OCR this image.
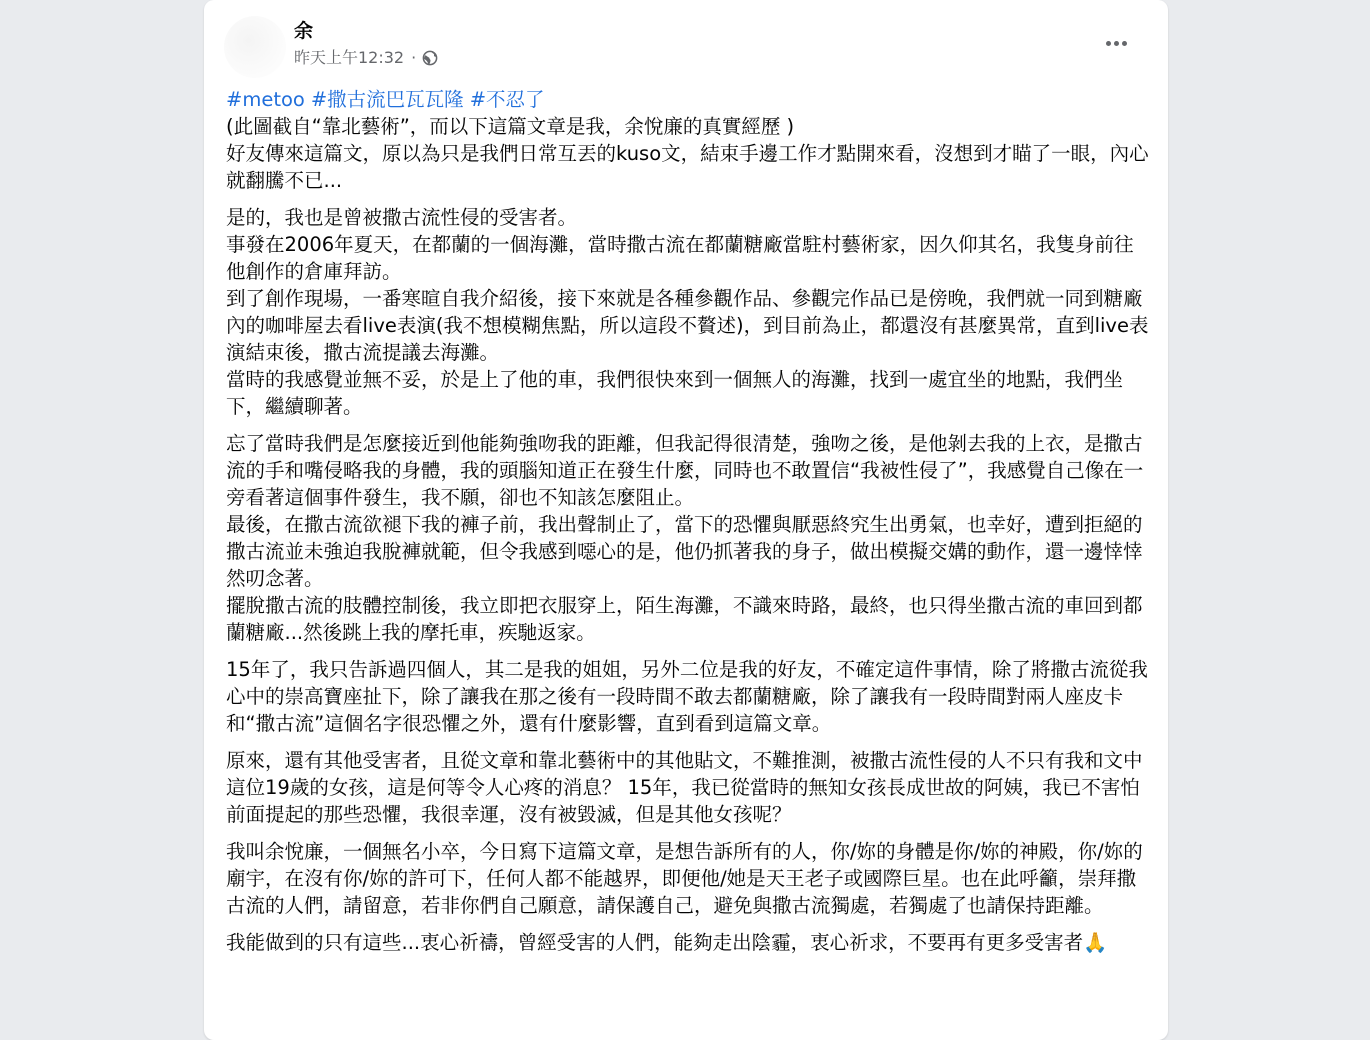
余
昨天上午12:32 ·

#metoo #撒古流巴瓦瓦隆 #不忍了

(此圖截自“靠北藝術”，而以下這篇文章是我，余悅廉的真實經歷 )

好友傳來這篇文，原以為只是我們日常互丟的kuso文，結束手邊工作才點開來看，沒想到才瞄了一眼，內心就翻騰不已...

是的，我也是曾被撒古流性侵的受害者。

事發在2006年夏天，在都蘭的一個海灘，當時撒古流在都蘭糖廠當駐村藝術家，因久仰其名，我隻身前往他創作的倉庫拜訪。

到了創作現場，一番寒暄自我介紹後，接下來就是各種參觀作品、參觀完作品已是傍晚，我們就一同到糖廠內的咖啡屋去看live表演(我不想模糊焦點，所以這段不贅述)，到目前為止，都還沒有甚麼異常，直到live表演結束後，撒古流提議去海灘。

當時的我感覺並無不妥，於是上了他的車，我們很快來到一個無人的海灘，找到一處宜坐的地點，我們坐下，繼續聊著。

忘了當時我們是怎麼接近到他能夠強吻我的距離，但我記得很清楚，強吻之後，是他剝去我的上衣，是撒古流的手和嘴侵略我的身體，我的頭腦知道正在發生什麼，同時也不敢置信“我被性侵了”，我感覺自己像在一旁看著這個事件發生，我不願，卻也不知該怎麼阻止。

最後，在撒古流欲褪下我的褲子前，我出聲制止了，當下的恐懼與厭惡終究生出勇氣，也幸好，遭到拒絕的撒古流並未強迫我脫褲就範，但令我感到噁心的是，他仍抓著我的身子，做出模擬交媾的動作，還一邊悻悻然叨念著。

擺脫撒古流的肢體控制後，我立即把衣服穿上，陌生海灘，不識來時路，最終，也只得坐撒古流的車回到都蘭糖廠...然後跳上我的摩托車，疾馳返家。

15年了，我只告訴過四個人，其二是我的姐姐，另外二位是我的好友，不確定這件事情，除了將撒古流從我心中的崇高寶座扯下，除了讓我在那之後有一段時間不敢去都蘭糖廠，除了讓我有一段時間對兩人座皮卡和“撒古流”這個名字很恐懼之外，還有什麼影響，直到看到這篇文章。

原來，還有其他受害者，且從文章和靠北藝術中的其他貼文，不難推測，被撒古流性侵的人不只有我和文中這位19歲的女孩，這是何等令人心疼的消息？ 15年，我已從當時的無知女孩長成世故的阿姨，我已不害怕前面提起的那些恐懼，我很幸運，沒有被毀滅，但是其他女孩呢？

我叫余悅廉，一個無名小卒，今日寫下這篇文章，是想告訴所有的人，你/妳的身體是你/妳的神殿，你/妳的廟宇，在沒有你/妳的許可下，任何人都不能越界，即便他/她是天王老子或國際巨星。也在此呼籲，崇拜撒古流的人們，請留意，若非你們自己願意，請保護自己，避免與撒古流獨處，若獨處了也請保持距離。

我能做到的只有這些...衷心祈禱，曾經受害的人們，能夠走出陰霾，衷心祈求，不要再有更多受害者🙏
